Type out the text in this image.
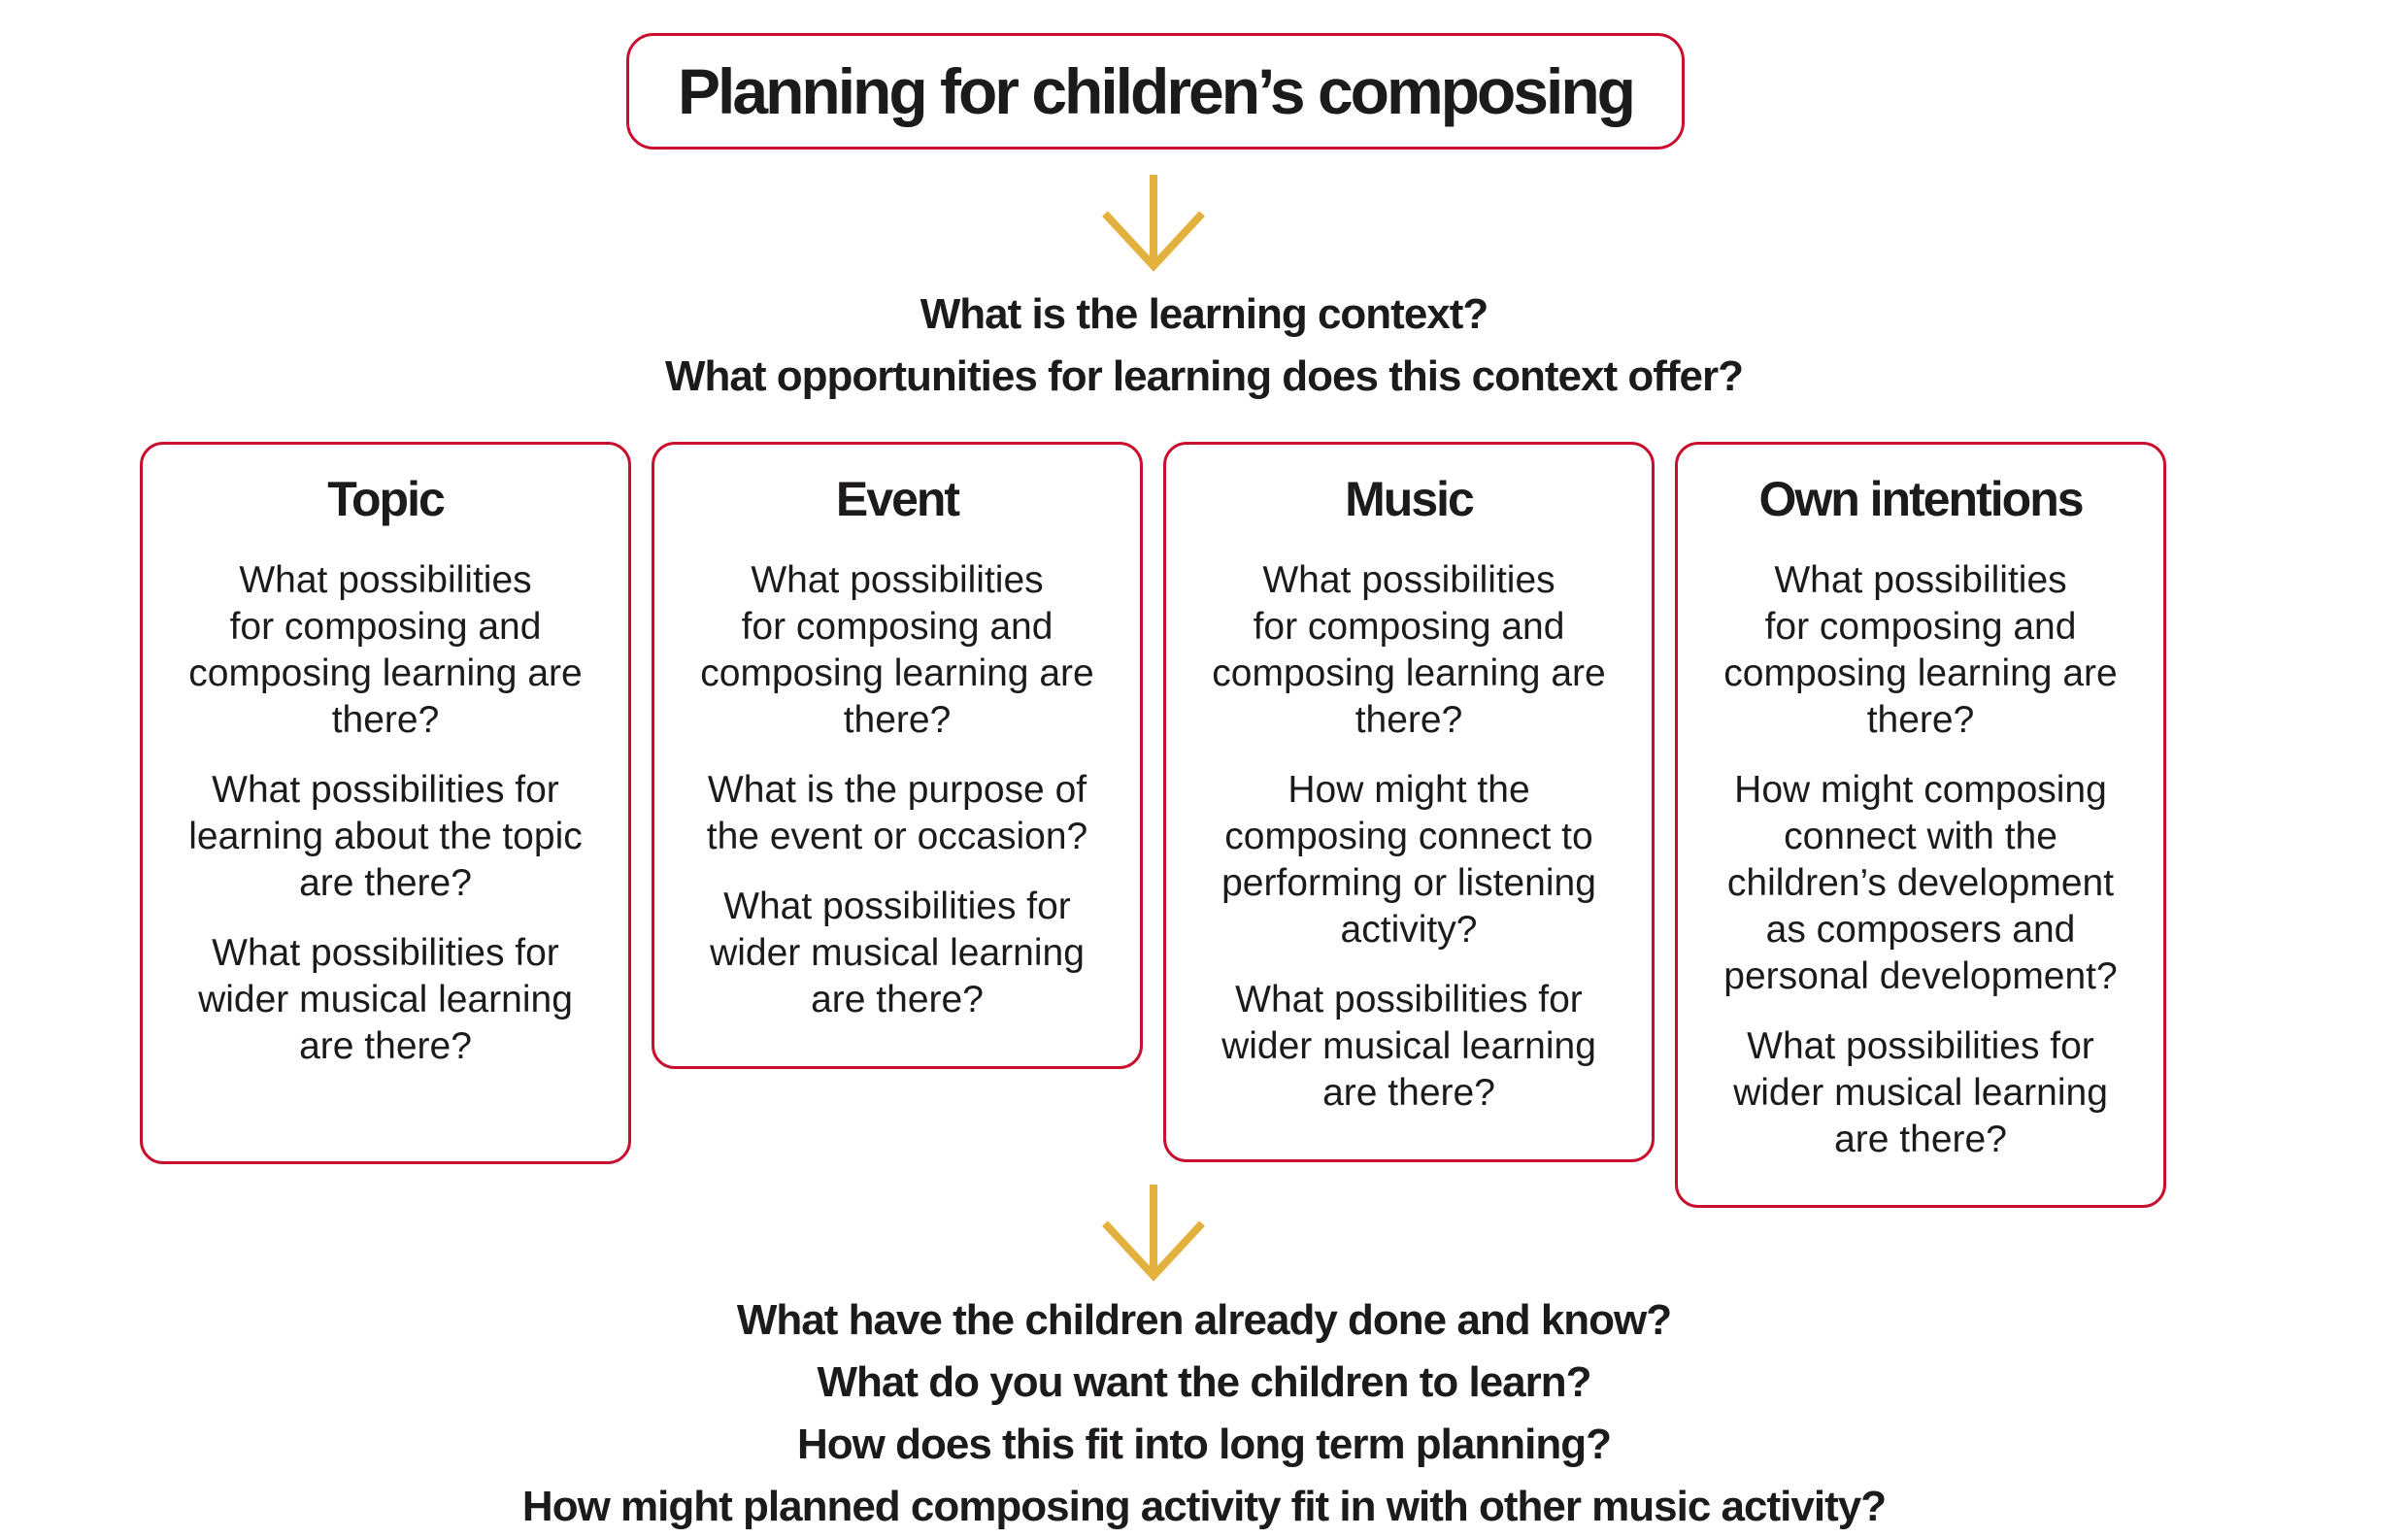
Planning for children’s composing
What is the learning context?
What opportunities for learning does this context offer?
Topic
What possibilities
for composing and
composing learning are
there?
What possibilities for
learning about the topic
are there?
What possibilities for
wider musical learning
are there?
Event
What possibilities
for composing and
composing learning are
there?
What is the purpose of
the event or occasion?
What possibilities for
wider musical learning
are there?
Music
What possibilities
for composing and
composing learning are
there?
How might the
composing connect to
performing or listening
activity?
What possibilities for
wider musical learning
are there?
Own intentions
What possibilities
for composing and
composing learning are
there?
How might composing
connect with the
children’s development
as composers and
personal development?
What possibilities for
wider musical learning
are there?
What have the children already done and know?
What do you want the children to learn?
How does this fit into long term planning?
How might planned composing activity fit in with other music activity?
